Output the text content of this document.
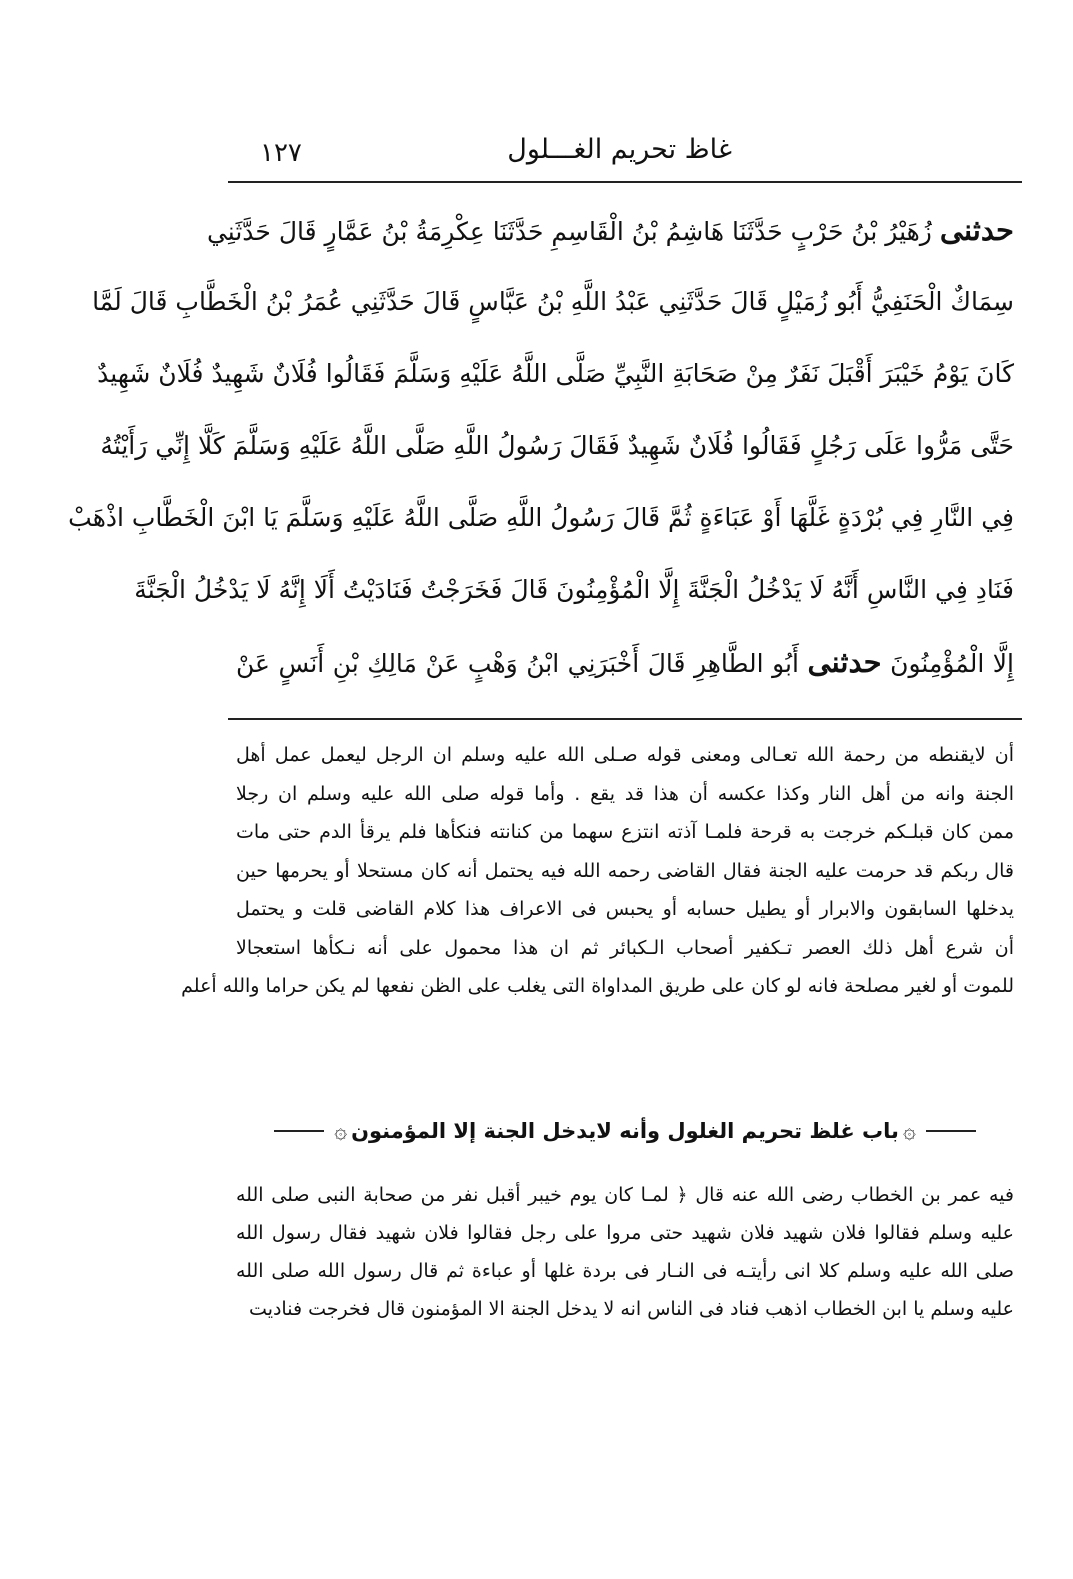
غاظ تحريم الغـــلول
١٢٧
حدثنى زُهَيْرُ بْنُ حَرْبٍ حَدَّثَنَا هَاشِمُ بْنُ الْقَاسِمِ حَدَّثَنَا عِكْرِمَةُ بْنُ عَمَّارٍ قَالَ حَدَّثَنِي
سِمَاكٌ الْحَنَفِيُّ أَبُو زُمَيْلٍ قَالَ حَدَّثَنِي عَبْدُ اللَّهِ بْنُ عَبَّاسٍ قَالَ حَدَّثَنِي عُمَرُ بْنُ الْخَطَّابِ قَالَ لَمَّا
كَانَ يَوْمُ خَيْبَرَ أَقْبَلَ نَفَرٌ مِنْ صَحَابَةِ النَّبِيِّ صَلَّى اللَّهُ عَلَيْهِ وَسَلَّمَ فَقَالُوا فُلَانٌ شَهِيدٌ فُلَانٌ شَهِيدٌ
حَتَّى مَرُّوا عَلَى رَجُلٍ فَقَالُوا فُلَانٌ شَهِيدٌ فَقَالَ رَسُولُ اللَّهِ صَلَّى اللَّهُ عَلَيْهِ وَسَلَّمَ كَلَّا إِنِّي رَأَيْتُهُ
فِي النَّارِ فِي بُرْدَةٍ غَلَّهَا أَوْ عَبَاءَةٍ ثُمَّ قَالَ رَسُولُ اللَّهِ صَلَّى اللَّهُ عَلَيْهِ وَسَلَّمَ يَا ابْنَ الْخَطَّابِ اذْهَبْ
فَنَادِ فِي النَّاسِ أَنَّهُ لَا يَدْخُلُ الْجَنَّةَ إِلَّا الْمُؤْمِنُونَ قَالَ فَخَرَجْتُ فَنَادَيْتُ أَلَا إِنَّهُ لَا يَدْخُلُ الْجَنَّةَ
إِلَّا الْمُؤْمِنُونَ حدثنى أَبُو الطَّاهِرِ قَالَ أَخْبَرَنِي ابْنُ وَهْبٍ عَنْ مَالِكِ بْنِ أَنَسٍ عَنْ
أن لايقنطه من رحمة الله تعـالى ومعنى قوله صـلى الله عليه وسلم ان الرجل ليعمل عمل أهل
الجنة وانه من أهل النار وكذا عكسه أن هذا قد يقع . وأما قوله صلى الله عليه وسلم ان رجلا
ممن كان قبلـكم خرجت به قرحة فلمـا آذته انتزع سهما من كنانته فنكأها فلم يرقأ الدم حتى مات
قال ربكم قد حرمت عليه الجنة فقال القاضى رحمه الله فيه يحتمل أنه كان مستحلا أو يحرمها حين
يدخلها السابقون والابرار أو يطيل حسابه أو يحبس فى الاعراف هذا كلام القاضى قلت و يحتمل
أن شرع أهل ذلك العصر تـكفير أصحاب الـكبائر ثم ان هذا محمول على أنه نـكأها استعجالا
للموت أو لغير مصلحة فانه لو كان على طريق المداواة التى يغلب على الظن نفعها لم يكن حراما والله أعلم
۞
باب غلظ تحريم الغلول وأنه لايدخل الجنة إلا المؤمنون
۞
فيه عمر بن الخطاب رضى الله عنه قال ﴿ لمـا كان يوم خيبر أقبل نفر من صحابة النبى صلى الله
عليه وسلم فقالوا فلان شهيد فلان شهيد حتى مروا على رجل فقالوا فلان شهيد فقال رسول الله
صلى الله عليه وسلم كلا انى رأيتـه فى النـار فى بردة غلها أو عباءة ثم قال رسول الله صلى الله
عليه وسلم يا ابن الخطاب اذهب فناد فى الناس انه لا يدخل الجنة الا المؤمنون قال فخرجت فناديت
